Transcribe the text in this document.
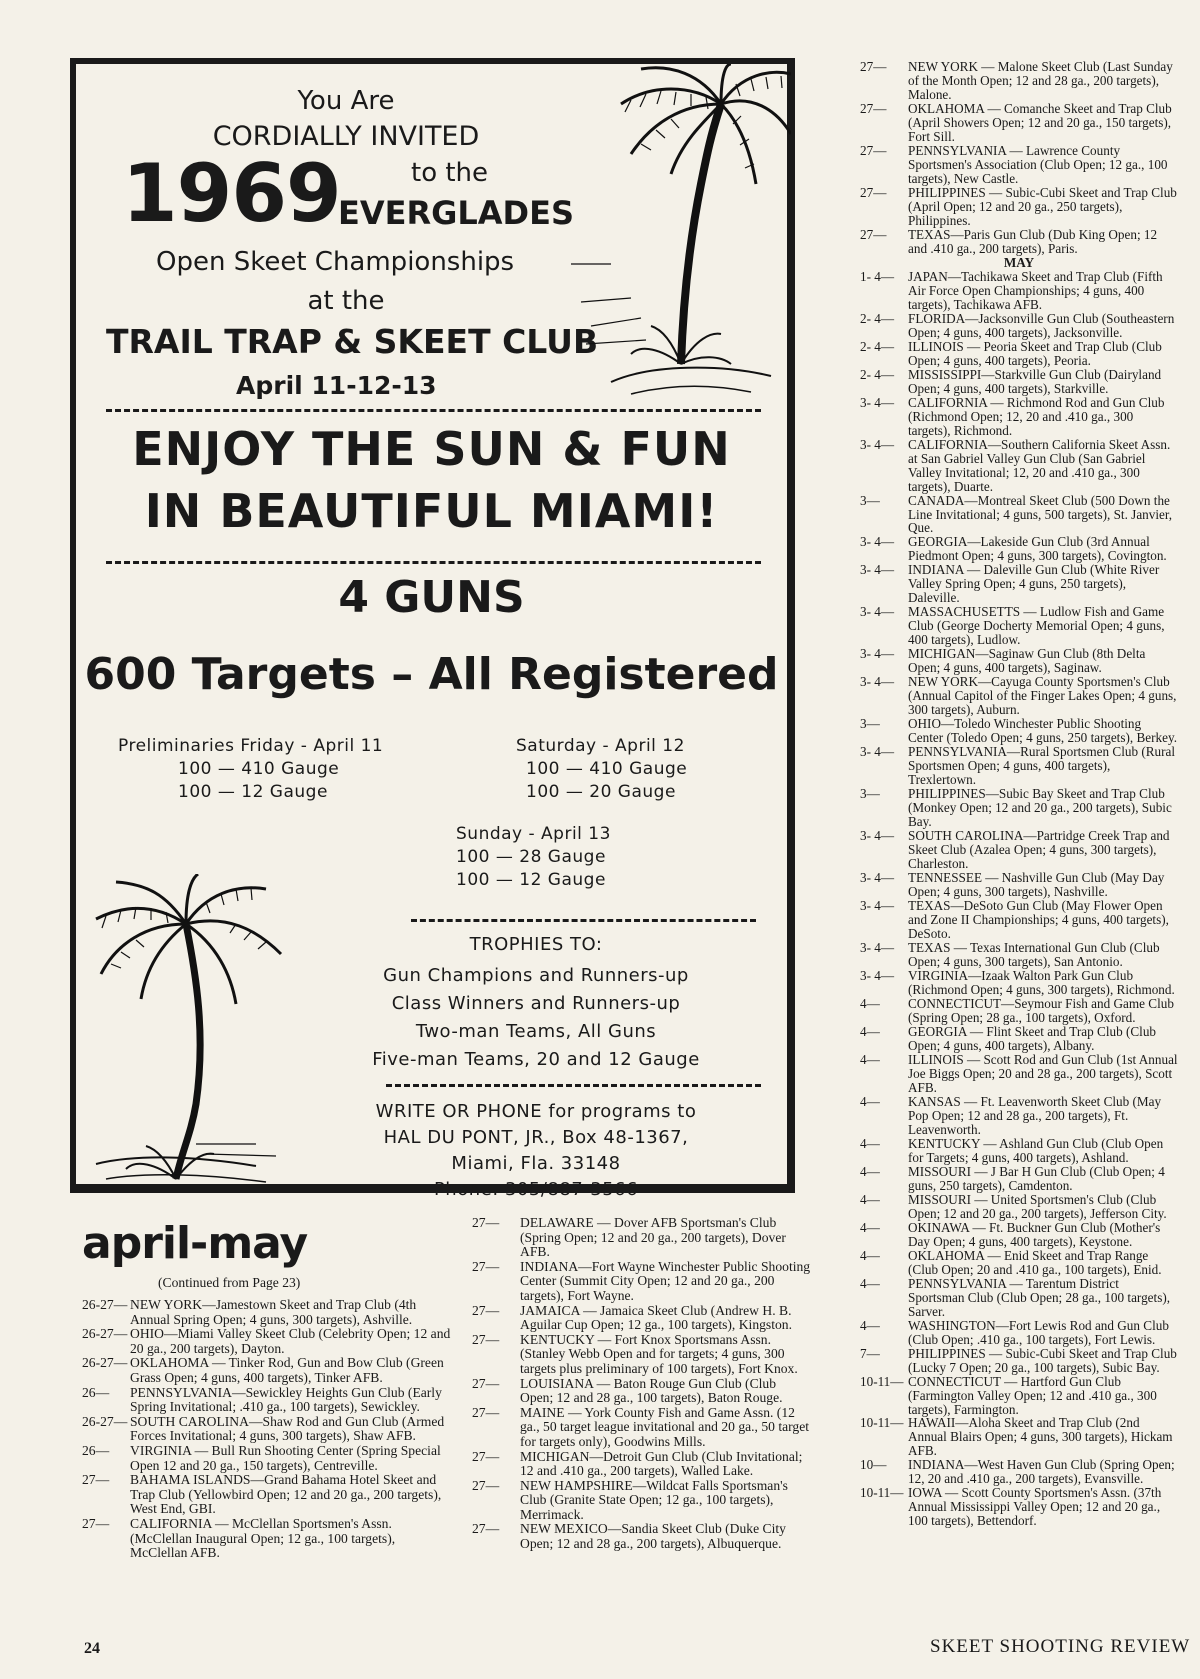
You Are
CORDIALLY INVITED
1969	to the
EVERGLADES
Open Skeet Championships
at the
TRAIL TRAP & SKEET CLUB
April 11-12-13
ENJOY THE SUN & FUN
IN BEAUTIFUL MIAMI!
4 GUNS
600 Targets – All Registered
Preliminaries Friday - April 11
100 — 410 Gauge
100 — 12 Gauge
Saturday - April 12
100 — 410 Gauge
100 — 20 Gauge
Sunday - April 13
100 — 28 Gauge
100 — 12 Gauge
TROPHIES TO:
Gun Champions and Runners-up
Class Winners and Runners-up
Two-man Teams, All Guns
Five-man Teams, 20 and 12 Gauge
WRITE OR PHONE for programs to
HAL DU PONT, JR., Box 48-1367,
Miami, Fla. 33148
Phone: 305/887-3566
april-may
(Continued from Page 23)

26-27— NEW YORK—Jamestown Skeet and Trap Club (4th Annual Spring Open; 4 guns, 300 targets), Ashville.

26-27— OHIO—Miami Valley Skeet Club (Celebrity Open; 12 and 20 ga., 200 targets), Dayton.

26-27— OKLAHOMA — Tinker Rod, Gun and Bow Club (Green Grass Open; 4 guns, 400 targets), Tinker AFB.

26— PENNSYLVANIA—Sewickley Heights Gun Club (Early Spring Invitational; .410 ga., 100 targets), Sewickley.

26-27— SOUTH CAROLINA—Shaw Rod and Gun Club (Armed Forces Invitational; 4 guns, 300 targets), Shaw AFB.

26— VIRGINIA — Bull Run Shooting Center (Spring Special Open 12 and 20 ga., 150 targets), Centreville.

27— BAHAMA ISLANDS—Grand Bahama Hotel Skeet and Trap Club (Yellowbird Open; 12 and 20 ga., 200 targets), West End, GBI.

27— CALIFORNIA — McClellan Sportsmen's Assn. (McClellan Inaugural Open; 12 ga., 100 targets), McClellan AFB.

27— DELAWARE — Dover AFB Sportsman's Club (Spring Open; 12 and 20 ga., 200 targets), Dover AFB.

27— INDIANA—Fort Wayne Winchester Public Shooting Center (Summit City Open; 12 and 20 ga., 200 targets), Fort Wayne.

27— JAMAICA — Jamaica Skeet Club (Andrew H. B. Aguilar Cup Open; 12 ga., 100 targets), Kingston.

27— KENTUCKY — Fort Knox Sportsmans Assn. (Stanley Webb Open and for targets; 4 guns, 300 targets plus preliminary of 100 targets), Fort Knox.

27— LOUISIANA — Baton Rouge Gun Club (Club Open; 12 and 28 ga., 100 targets), Baton Rouge.

27— MAINE — York County Fish and Game Assn. (12 ga., 50 target league invitational and 20 ga., 50 target for targets only), Goodwins Mills.

27— MICHIGAN—Detroit Gun Club (Club Invitational; 12 and .410 ga., 200 targets), Walled Lake.

27— NEW HAMPSHIRE—Wildcat Falls Sportsman's Club (Granite State Open; 12 ga., 100 targets), Merrimack.

27— NEW MEXICO—Sandia Skeet Club (Duke City Open; 12 and 28 ga., 200 targets), Albuquerque.

27— NEW YORK — Malone Skeet Club (Last Sunday of the Month Open; 12 and 28 ga., 200 targets), Malone.

27— OKLAHOMA — Comanche Skeet and Trap Club (April Showers Open; 12 and 20 ga., 150 targets), Fort Sill.

27— PENNSYLVANIA — Lawrence County Sportsmen's Association (Club Open; 12 ga., 100 targets), New Castle.

27— PHILIPPINES — Subic-Cubi Skeet and Trap Club (April Open; 12 and 20 ga., 250 targets), Philippines.

27— TEXAS—Paris Gun Club (Dub King Open; 12 and .410 ga., 200 targets), Paris.

MAY

1- 4— JAPAN—Tachikawa Skeet and Trap Club (Fifth Air Force Open Championships; 4 guns, 400 targets), Tachikawa AFB.

2- 4— FLORIDA—Jacksonville Gun Club (Southeastern Open; 4 guns, 400 targets), Jacksonville.

2- 4— ILLINOIS — Peoria Skeet and Trap Club (Club Open; 4 guns, 400 targets), Peoria.

2- 4— MISSISSIPPI—Starkville Gun Club (Dairyland Open; 4 guns, 400 targets), Starkville.

3- 4— CALIFORNIA — Richmond Rod and Gun Club (Richmond Open; 12, 20 and .410 ga., 300 targets), Richmond.

3- 4— CALIFORNIA—Southern California Skeet Assn. at San Gabriel Valley Gun Club (San Gabriel Valley Invitational; 12, 20 and .410 ga., 300 targets), Duarte.

3— CANADA—Montreal Skeet Club (500 Down the Line Invitational; 4 guns, 500 targets), St. Janvier, Que.

3- 4— GEORGIA—Lakeside Gun Club (3rd Annual Piedmont Open; 4 guns, 300 targets), Covington.

3- 4— INDIANA — Daleville Gun Club (White River Valley Spring Open; 4 guns, 250 targets), Daleville.

3- 4— MASSACHUSETTS — Ludlow Fish and Game Club (George Docherty Memorial Open; 4 guns, 400 targets), Ludlow.

3- 4— MICHIGAN—Saginaw Gun Club (8th Delta Open; 4 guns, 400 targets), Saginaw.

3- 4— NEW YORK—Cayuga County Sportsmen's Club (Annual Capitol of the Finger Lakes Open; 4 guns, 300 targets), Auburn.

3— OHIO—Toledo Winchester Public Shooting Center (Toledo Open; 4 guns, 250 targets), Berkey.

3- 4— PENNSYLVANIA—Rural Sportsmen Club (Rural Sportsmen Open; 4 guns, 400 targets), Trexlertown.

3— PHILIPPINES—Subic Bay Skeet and Trap Club (Monkey Open; 12 and 20 ga., 200 targets), Subic Bay.

3- 4— SOUTH CAROLINA—Partridge Creek Trap and Skeet Club (Azalea Open; 4 guns, 300 targets), Charleston.

3- 4— TENNESSEE — Nashville Gun Club (May Day Open; 4 guns, 300 targets), Nashville.

3- 4— TEXAS—DeSoto Gun Club (May Flower Open and Zone II Championships; 4 guns, 400 targets), DeSoto.

3- 4— TEXAS — Texas International Gun Club (Club Open; 4 guns, 300 targets), San Antonio.

3- 4— VIRGINIA—Izaak Walton Park Gun Club (Richmond Open; 4 guns, 300 targets), Richmond.

4— CONNECTICUT—Seymour Fish and Game Club (Spring Open; 28 ga., 100 targets), Oxford.

4— GEORGIA — Flint Skeet and Trap Club (Club Open; 4 guns, 400 targets), Albany.

4— ILLINOIS — Scott Rod and Gun Club (1st Annual Joe Biggs Open; 20 and 28 ga., 200 targets), Scott AFB.

4— KANSAS — Ft. Leavenworth Skeet Club (May Pop Open; 12 and 28 ga., 200 targets), Ft. Leavenworth.

4— KENTUCKY — Ashland Gun Club (Club Open for Targets; 4 guns, 400 targets), Ashland.

4— MISSOURI — J Bar H Gun Club (Club Open; 4 guns, 250 targets), Camdenton.

4— MISSOURI — United Sportsmen's Club (Club Open; 12 and 20 ga., 200 targets), Jefferson City.

4— OKINAWA — Ft. Buckner Gun Club (Mother's Day Open; 4 guns, 400 targets), Keystone.

4— OKLAHOMA — Enid Skeet and Trap Range (Club Open; 20 and .410 ga., 100 targets), Enid.

4— PENNSYLVANIA — Tarentum District Sportsman Club (Club Open; 28 ga., 100 targets), Sarver.

4— WASHINGTON—Fort Lewis Rod and Gun Club (Club Open; .410 ga., 100 targets), Fort Lewis.

7— PHILIPPINES — Subic-Cubi Skeet and Trap Club (Lucky 7 Open; 20 ga., 100 targets), Subic Bay.

10-11— CONNECTICUT — Hartford Gun Club (Farmington Valley Open; 12 and .410 ga., 300 targets), Farmington.

10-11— HAWAII—Aloha Skeet and Trap Club (2nd Annual Blairs Open; 4 guns, 300 targets), Hickam AFB.

10— INDIANA—West Haven Gun Club (Spring Open; 12, 20 and .410 ga., 200 targets), Evansville.

10-11— IOWA — Scott County Sportsmen's Assn. (37th Annual Mississippi Valley Open; 12 and 20 ga., 100 targets), Bettendorf.

24	SKEET SHOOTING REVIEW
